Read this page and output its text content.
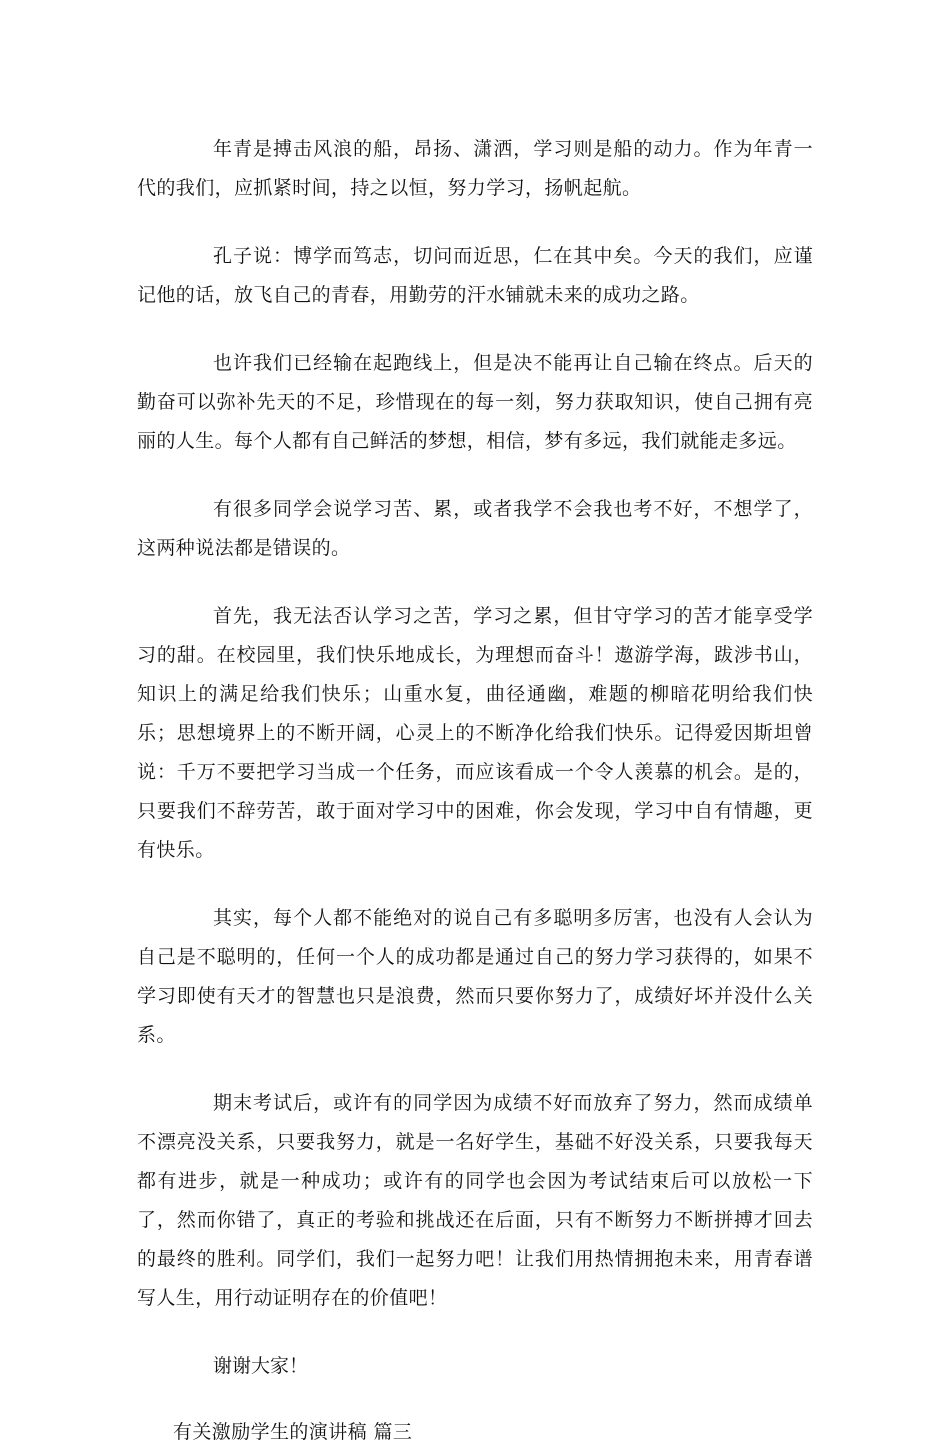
年青是搏击风浪的船，昂扬、潇洒，学习则是船的动力。作为年青一代的我们，应抓紧时间，持之以恒，努力学习，扬帆起航。

孔子说：博学而笃志，切问而近思，仁在其中矣。今天的我们，应谨记他的话，放飞自己的青春，用勤劳的汗水铺就未来的成功之路。

也许我们已经输在起跑线上，但是决不能再让自己输在终点。后天的勤奋可以弥补先天的不足，珍惜现在的每一刻，努力获取知识，使自己拥有亮丽的人生。每个人都有自己鲜活的梦想，相信，梦有多远，我们就能走多远。

有很多同学会说学习苦、累，或者我学不会我也考不好，不想学了，这两种说法都是错误的。

首先，我无法否认学习之苦，学习之累，但甘守学习的苦才能享受学习的甜。在校园里，我们快乐地成长，为理想而奋斗！遨游学海，跋涉书山，知识上的满足给我们快乐；山重水复，曲径通幽，难题的柳暗花明给我们快乐；思想境界上的不断开阔，心灵上的不断净化给我们快乐。记得爱因斯坦曾说：千万不要把学习当成一个任务，而应该看成一个令人羡慕的机会。是的，只要我们不辞劳苦，敢于面对学习中的困难，你会发现，学习中自有情趣，更有快乐。

其实，每个人都不能绝对的说自己有多聪明多厉害，也没有人会认为自己是不聪明的，任何一个人的成功都是通过自己的努力学习获得的，如果不学习即使有天才的智慧也只是浪费，然而只要你努力了，成绩好坏并没什么关系。

期末考试后，或许有的同学因为成绩不好而放弃了努力，然而成绩单不漂亮没关系，只要我努力，就是一名好学生，基础不好没关系，只要我每天都有进步，就是一种成功；或许有的同学也会因为考试结束后可以放松一下了，然而你错了，真正的考验和挑战还在后面，只有不断努力不断拼搏才回去的最终的胜利。同学们，我们一起努力吧！让我们用热情拥抱未来，用青春谱写人生，用行动证明存在的价值吧！

谢谢大家！

有关激励学生的演讲稿 篇三
